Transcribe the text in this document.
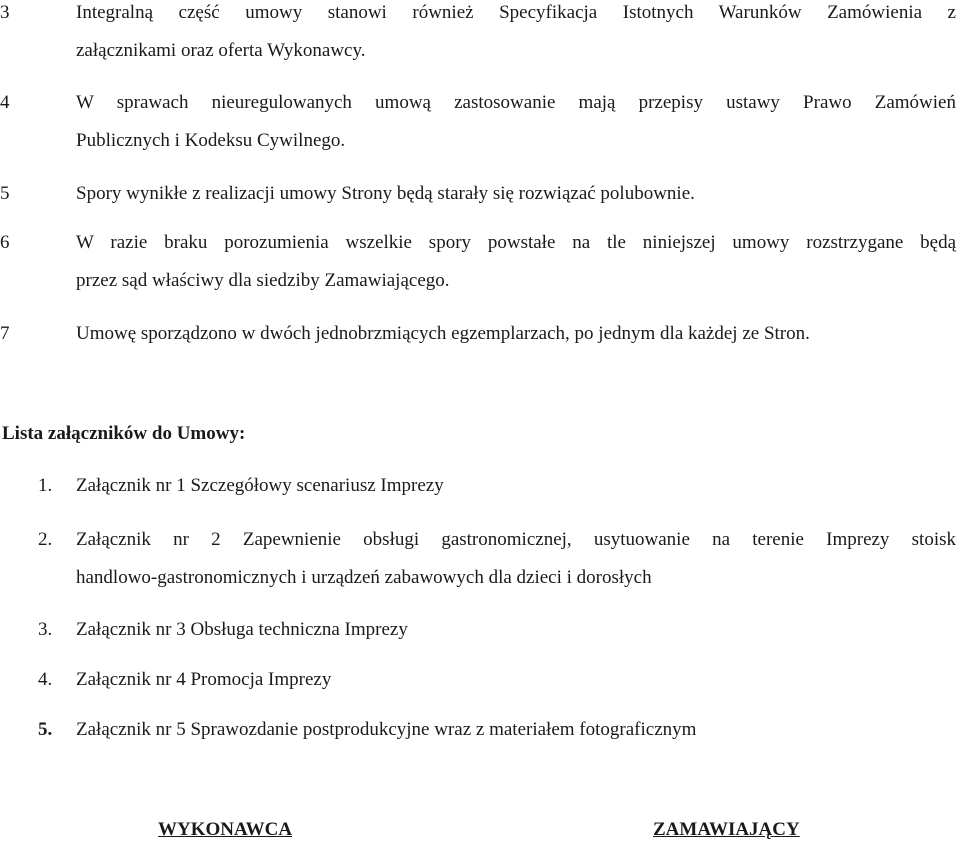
3	Integralną część umowy stanowi również Specyfikacja Istotnych Warunków Zamówienia z
załącznikami oraz oferta Wykonawcy.
4	W sprawach nieuregulowanych umową zastosowanie mają przepisy ustawy Prawo Zamówień
Publicznych i Kodeksu Cywilnego.
5	Spory wynikłe z realizacji umowy Strony będą starały się rozwiązać polubownie.
6	W razie braku porozumienia wszelkie spory powstałe na tle niniejszej umowy rozstrzygane będą
przez sąd właściwy dla siedziby Zamawiającego.
7	Umowę sporządzono w dwóch jednobrzmiących egzemplarzach, po jednym dla każdej ze Stron.
Lista załączników do Umowy:
1. Załącznik nr 1 Szczegółowy scenariusz Imprezy
2. Załącznik nr 2 Zapewnienie obsługi gastronomicznej, usytuowanie na terenie Imprezy stoisk
handlowo-gastronomicznych i urządzeń zabawowych dla dzieci i dorosłych
3. Załącznik nr 3 Obsługa techniczna Imprezy
4. Załącznik nr 4 Promocja Imprezy
5. Załącznik nr 5 Sprawozdanie postprodukcyjne wraz z materiałem fotograficznym
WYKONAWCA	ZAMAWIAJĄCY
